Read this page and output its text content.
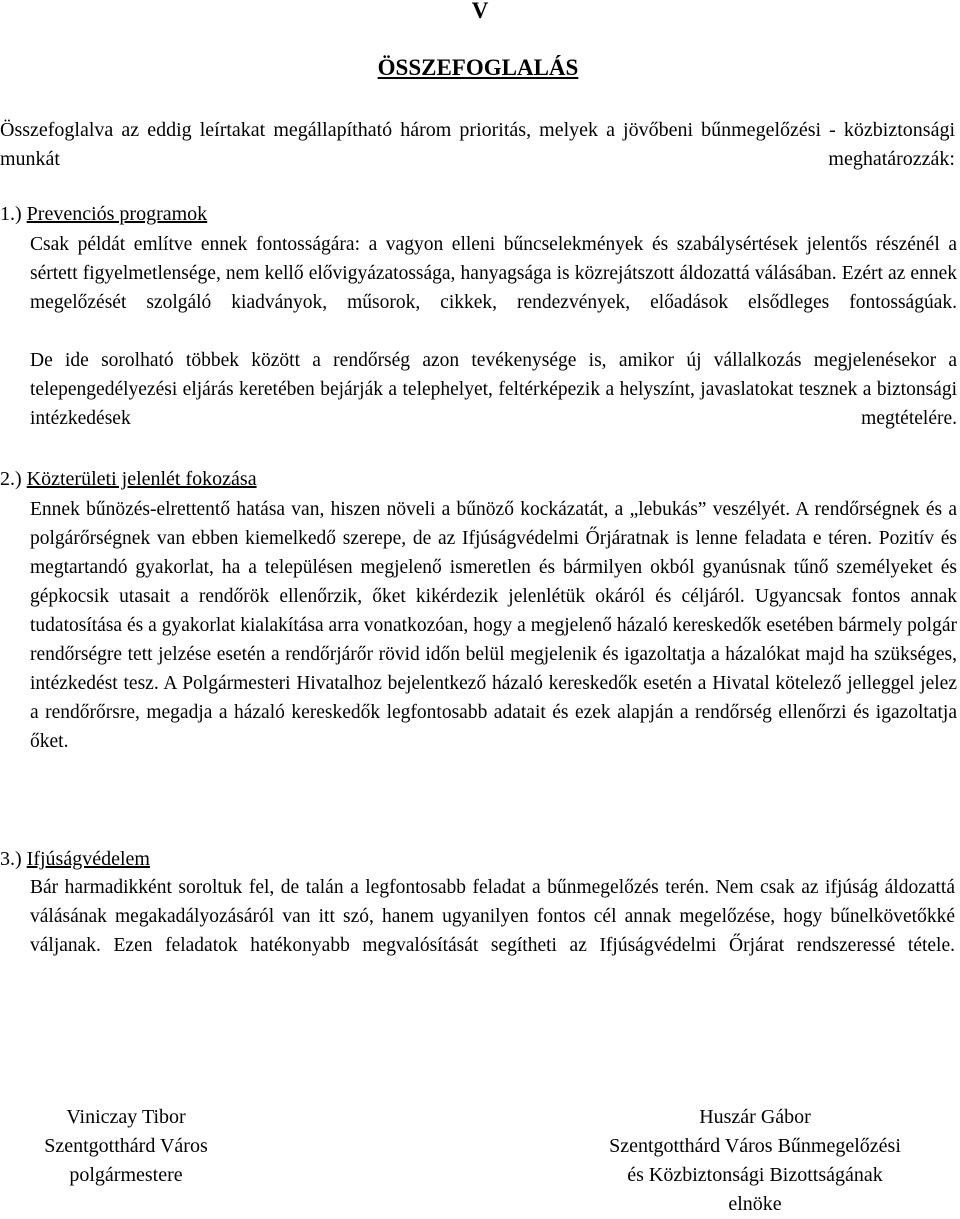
V
ÖSSZEFOGLALÁS
Összefoglalva az eddig leírtakat megállapítható három prioritás, melyek a jövőbeni bűnmegelőzési - közbiztonsági munkát meghatározzák:
1.) Prevenciós programok
Csak példát említve ennek fontosságára: a vagyon elleni bűncselekmények és szabálysértések jelentős részénél a sértett figyelmetlensége, nem kellő elővigyázatossága, hanyagsága is közrejátszott áldozattá válásában. Ezért az ennek megelőzését szolgáló kiadványok, műsorok, cikkek, rendezvények, előadások elsődleges fontosságúak.
De ide sorolható többek között a rendőrség azon tevékenysége is, amikor új vállalkozás megjelenésekor a telepengedélyezési eljárás keretében bejárják a telephelyet, feltérképezik a helyszínt, javaslatokat tesznek a biztonsági intézkedések megtételére.
2.) Közterületi jelenlét fokozása
Ennek bűnözés-elrettentő hatása van, hiszen növeli a bűnöző kockázatát, a „lebukás” veszélyét. A rendőrségnek és a polgárőrségnek van ebben kiemelkedő szerepe, de az Ifjúságvédelmi Őrjáratnak is lenne feladata e téren. Pozitív és megtartandó gyakorlat, ha a településen megjelenő ismeretlen és bármilyen okból gyanúsnak tűnő személyeket és gépkocsik utasait a rendőrök ellenőrzik, őket kikérdezik jelenlétük okáról és céljáról. Ugyancsak fontos annak tudatosítása és a gyakorlat kialakítása arra vonatkozóan, hogy a megjelenő házaló kereskedők esetében bármely polgár rendőrségre tett jelzése esetén a rendőrjárőr rövid időn belül megjelenik és igazoltatja a házalókat majd ha szükséges, intézkedést tesz. A Polgármesteri Hivatalhoz bejelentkező házaló kereskedők esetén a Hivatal kötelező jelleggel jelez a rendőrőrsre, megadja a házaló kereskedők legfontosabb adatait és ezek alapján a rendőrség ellenőrzi és igazoltatja őket.
3.) Ifjúságvédelem
Bár harmadikként soroltuk fel, de talán a legfontosabb feladat a bűnmegelőzés terén. Nem csak az ifjúság áldozattá válásának megakadályozásáról van itt szó, hanem ugyanilyen fontos cél annak megelőzése, hogy bűnelkövetőkké váljanak. Ezen feladatok hatékonyabb megvalósítását segítheti az Ifjúságvédelmi Őrjárat rendszeressé tétele.
Viniczay Tibor
Szentgotthárd Város
polgármestere
Huszár Gábor
Szentgotthárd Város Bűnmegelőzési
és Közbiztonsági Bizottságának
elnöke
